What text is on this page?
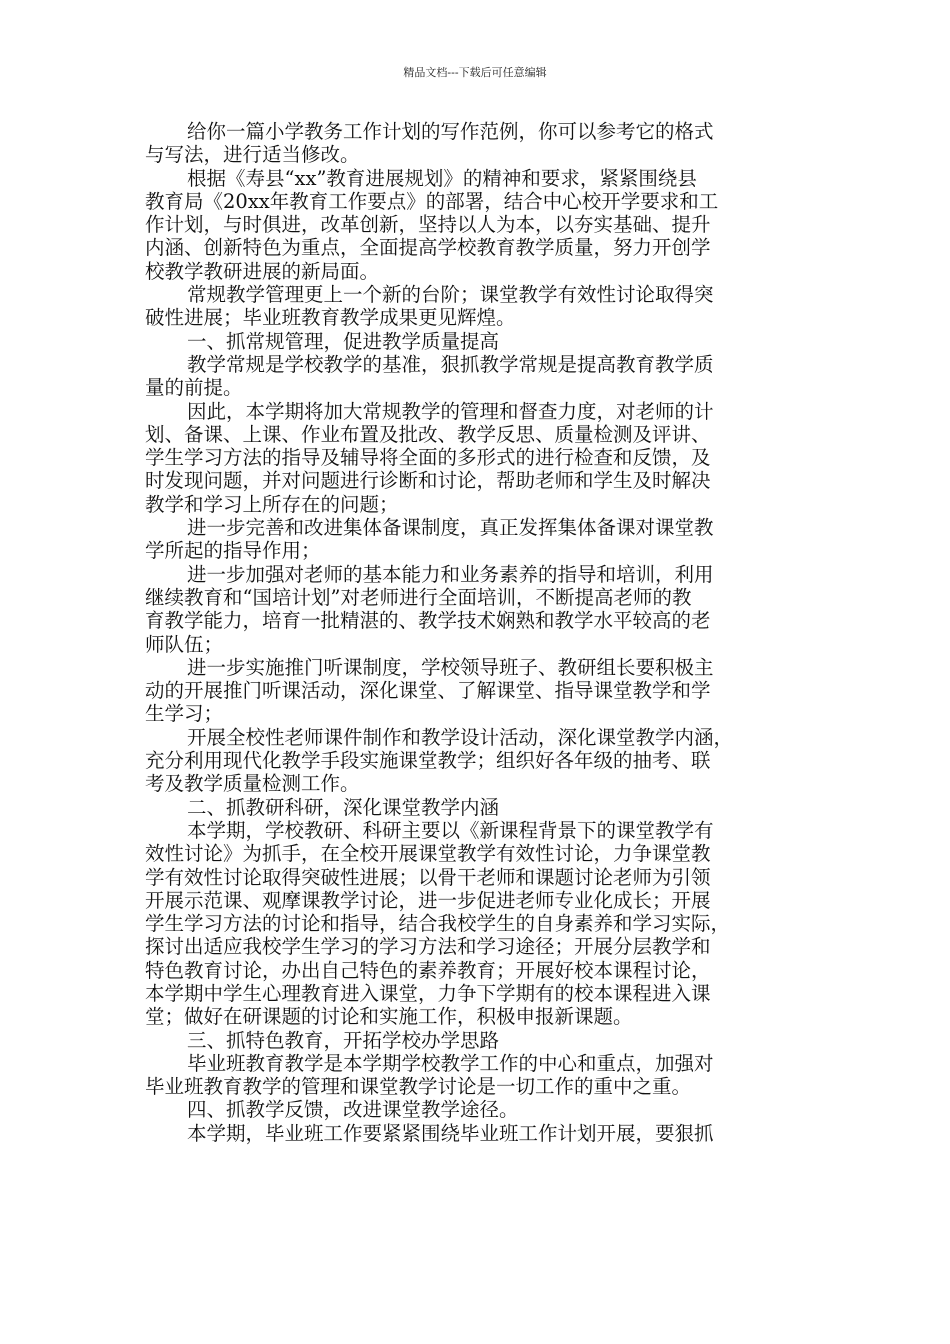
精品文档---下载后可任意编辑
给你一篇小学教务工作计划的写作范例，你可以参考它的格式
与写法，进行适当修改。
根据《寿县“xx”教育进展规划》的精神和要求，紧紧围绕县
教育局《20xx年教育工作要点》的部署，结合中心校开学要求和工
作计划，与时俱进，改革创新，坚持以人为本，以夯实基础、提升
内涵、创新特色为重点，全面提高学校教育教学质量，努力开创学
校教学教研进展的新局面。
常规教学管理更上一个新的台阶；课堂教学有效性讨论取得突
破性进展；毕业班教育教学成果更见辉煌。
一、抓常规管理，促进教学质量提高
教学常规是学校教学的基准，狠抓教学常规是提高教育教学质
量的前提。
因此，本学期将加大常规教学的管理和督查力度，对老师的计
划、备课、上课、作业布置及批改、教学反思、质量检测及评讲、
学生学习方法的指导及辅导将全面的多形式的进行检查和反馈，及
时发现问题，并对问题进行诊断和讨论，帮助老师和学生及时解决
教学和学习上所存在的问题；
进一步完善和改进集体备课制度，真正发挥集体备课对课堂教
学所起的指导作用；
进一步加强对老师的基本能力和业务素养的指导和培训，利用
继续教育和“国培计划”对老师进行全面培训，不断提高老师的教
育教学能力，培育一批精湛的、教学技术娴熟和教学水平较高的老
师队伍；
进一步实施推门听课制度，学校领导班子、教研组长要积极主
动的开展推门听课活动，深化课堂、了解课堂、指导课堂教学和学
生学习；
开展全校性老师课件制作和教学设计活动，深化课堂教学内涵，
充分利用现代化教学手段实施课堂教学；组织好各年级的抽考、联
考及教学质量检测工作。
二、抓教研科研，深化课堂教学内涵
本学期，学校教研、科研主要以《新课程背景下的课堂教学有
效性讨论》为抓手，在全校开展课堂教学有效性讨论，力争课堂教
学有效性讨论取得突破性进展；以骨干老师和课题讨论老师为引领
开展示范课、观摩课教学讨论，进一步促进老师专业化成长；开展
学生学习方法的讨论和指导，结合我校学生的自身素养和学习实际，
探讨出适应我校学生学习的学习方法和学习途径；开展分层教学和
特色教育讨论，办出自己特色的素养教育；开展好校本课程讨论，
本学期中学生心理教育进入课堂，力争下学期有的校本课程进入课
堂；做好在研课题的讨论和实施工作，积极申报新课题。
三、抓特色教育，开拓学校办学思路
毕业班教育教学是本学期学校教学工作的中心和重点，加强对
毕业班教育教学的管理和课堂教学讨论是一切工作的重中之重。
四、抓教学反馈，改进课堂教学途径。
本学期，毕业班工作要紧紧围绕毕业班工作计划开展，要狠抓
